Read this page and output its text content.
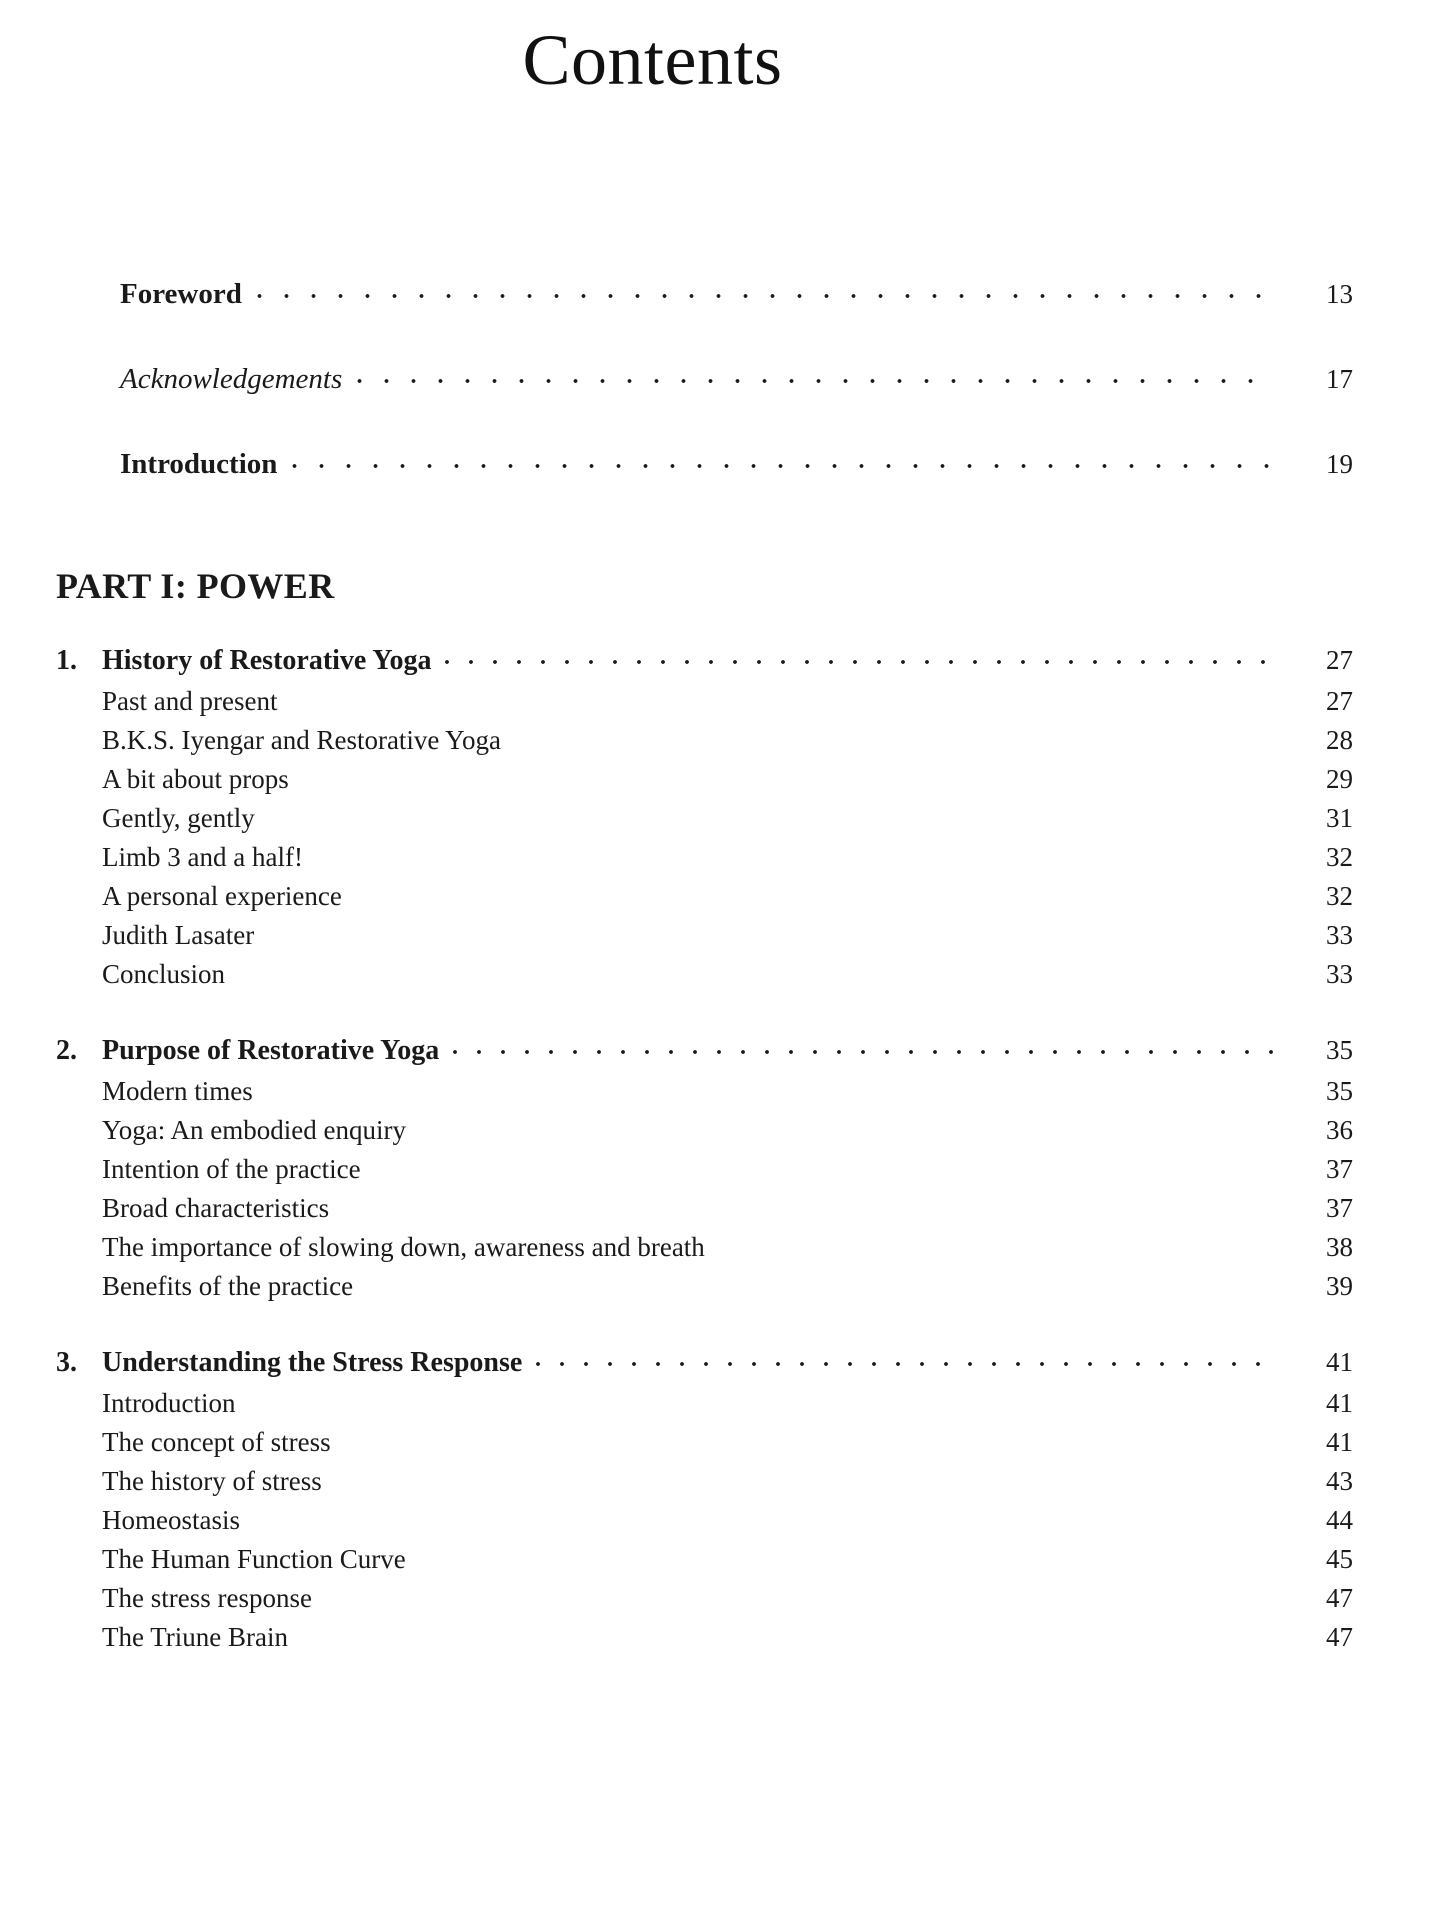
Contents
Foreword	13
Acknowledgements	17
Introduction	19
PART I: POWER
1. History of Restorative Yoga	27
Past and present	27
B.K.S. Iyengar and Restorative Yoga	28
A bit about props	29
Gently, gently	31
Limb 3 and a half!	32
A personal experience	32
Judith Lasater	33
Conclusion	33
2. Purpose of Restorative Yoga	35
Modern times	35
Yoga: An embodied enquiry	36
Intention of the practice	37
Broad characteristics	37
The importance of slowing down, awareness and breath	38
Benefits of the practice	39
3. Understanding the Stress Response	41
Introduction	41
The concept of stress	41
The history of stress	43
Homeostasis	44
The Human Function Curve	45
The stress response	47
The Triune Brain	47
